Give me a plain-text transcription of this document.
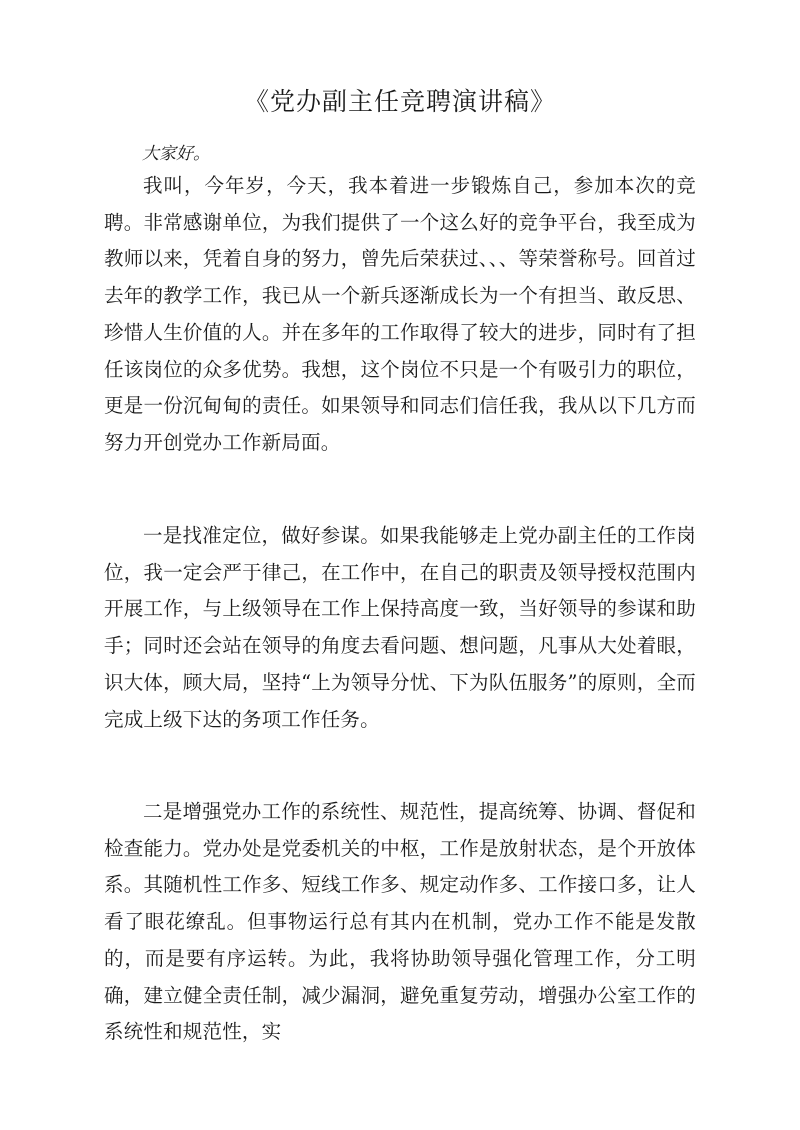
《党办副主任竞聘演讲稿》

大家好。

我叫，今年岁，今天，我本着进一步锻炼自己，参加本次的竞聘。非常感谢单位，为我们提供了一个这么好的竞争平台，我至成为教师以来，凭着自身的努力，曾先后荣获过、、、等荣誉称号。回首过去年的教学工作，我已从一个新兵逐渐成长为一个有担当、敢反思、珍惜人生价值的人。并在多年的工作取得了较大的进步，同时有了担任该岗位的众多优势。我想，这个岗位不只是一个有吸引力的职位，更是一份沉甸甸的责任。如果领导和同志们信任我，我从以下几方而努力开创党办工作新局面。

一是找准定位，做好参谋。如果我能够走上党办副主任的工作岗位，我一定会严于律己，在工作中，在自己的职责及领导授权范围内开展工作，与上级领导在工作上保持高度一致，当好领导的参谋和助手；同时还会站在领导的角度去看问题、想问题，凡事从大处着眼，识大体，顾大局，坚持“上为领导分忧、下为队伍服务”的原则，全而完成上级下达的务项工作任务。

二是增强党办工作的系统性、规范性，提高统筹、协调、督促和检查能力。党办处是党委机关的中枢，工作是放射状态，是个开放体系。其随机性工作多、短线工作多、规定动作多、工作接口多，让人看了眼花缭乱。但事物运行总有其内在机制，党办工作不能是发散的，而是要有序运转。为此，我将协助领导强化管理工作，分工明确，建立健全责任制，减少漏洞，避免重复劳动，增强办公室工作的系统性和规范性，实
